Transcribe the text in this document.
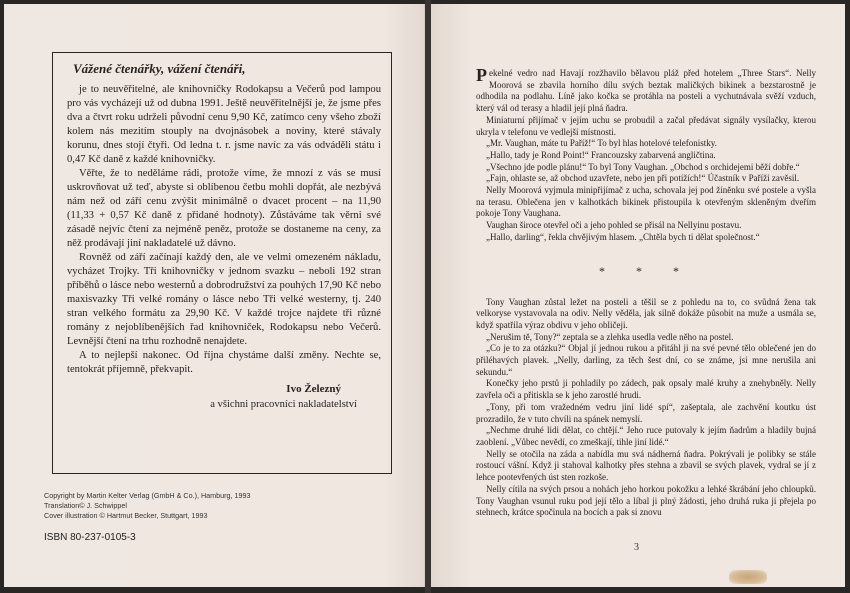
Vážené čtenářky, vážení čtenáři,

je to neuvěřitelné, ale knihovničky Rodokapsu a Večerů pod lampou pro vás vycházejí už od dubna 1991. Ještě neuvěřitelnější je, že jsme přes dva a čtvrt roku udrželi původní cenu 9,90 Kč, zatímco ceny všeho zboží kolem nás mezitím stouply na dvojnásobek a noviny, které stávaly korunu, dnes stojí čtyři. Od ledna t. r. jsme navíc za vás odváděli státu i 0,47 Kč daně z každé knihovničky.

Věřte, že to neděláme rádi, protože víme, že mnozí z vás se musí uskrovňovat už teď, abyste si oblíbenou četbu mohli dopřát, ale nezbývá nám než od září cenu zvýšit minimálně o dvacet procent – na 11,90 (11,33 + 0,57 Kč daně z přidané hodnoty). Zůstáváme tak věrni své zásadě nejvíc čtení za nejméně peněz, protože se dostaneme na ceny, za něž prodávají jiní nakladatelé už dávno.

Rovněž od září začínají každý den, ale ve velmi omezeném nákladu, vycházet Trojky. Tři knihovničky v jednom svazku – neboli 192 stran příběhů o lásce nebo westernů a dobrodružství za pouhých 17,90 Kč nebo maxisvazky Tři velké romány o lásce nebo Tři velké westerny, tj. 240 stran velkého formátu za 29,90 Kč. V každé trojce najdete tři různé romány z nejoblíbenějších řad knihovniček, Rodokapsu nebo Večerů. Levnější čtení na trhu rozhodně nenajdete.

A to nejlepší nakonec. Od října chystáme další změny. Nechte se, tentokrát příjemně, překvapit.

Ivo Železný
a všichni pracovníci nakladatelství
Copyright by Martin Kelter Verlag (GmbH & Co.), Hamburg, 1993
Translation© J. Schwippel
Cover illustration © Hartmut Becker, Stuttgart, 1993
ISBN 80-237-0105-3

Pekelné vedro nad Havají rozžhavilo bělavou pláž před hotelem „Three Stars“. Nelly Moorová se zbavila horního dílu svých beztak maličkých bikinek a bezstarostně je odhodila na podlahu. Líně jako kočka se protáhla na posteli a vychutnávala svěží vzduch, který vál od terasy a hladil její plná ňadra.

Miniaturní přijímač v jejím uchu se probudil a začal předávat signály vysílačky, kterou ukryla v telefonu ve vedlejší místnosti.

„Mr. Vaughan, máte tu Paříž!“ To byl hlas hotelové telefonistky.

„Hallo, tady je Rond Point!“ Francouzsky zabarvená angličtina.

„Všechno jde podle plánu!“ To byl Tony Vaughan. „Obchod s orchidejemi běží dobře.“

„Fajn, ohlaste se, až obchod uzavřete, nebo jen při potížích!“ Účastník v Paříži zavěsil.

Nelly Moorová vyjmula minipřijímač z ucha, schovala jej pod žíněnku své postele a vyšla na terasu. Oblečena jen v kalhotkách bikinek přistoupila k otevřeným skleněným dveřím pokoje Tony Vaughana.

Vaughan široce otevřel oči a jeho pohled se přisál na Nellyinu postavu.

„Hallo, darling“, řekla chvějivým hlasem. „Chtěla bych ti dělat společnost.“

* * *

Tony Vaughan zůstal ležet na posteli a těšil se z pohledu na to, co svůdná žena tak velkoryse vystavovala na odiv. Nelly věděla, jak silně dokáže působit na muže a usmála se, když spatřila výraz obdivu v jeho obličeji.

„Nerušim tě, Tony?“ zeptala se a zlehka usedla vedle něho na postel.

„Co je to za otázku?“ Objal jí jednou rukou a přitáhl ji na své pevné tělo oblečené jen do přiléhavých plavek. „Nelly, darling, za těch šest dní, co se známe, jsi mne nerušila ani sekundu.“

Konečky jeho prstů ji pohladily po zádech, pak opsaly malé kruhy a znehybněly. Nelly zavřela oči a přitiskla se k jeho zarostlé hrudi.

„Tony, při tom vražedném vedru jiní lidé spí“, zašeptala, ale zachvění koutku úst prozradilo, že v tuto chvíli na spánek nemyslí.

„Nechme druhé lidi dělat, co chtějí.“ Jeho ruce putovaly k jejím ňadrům a hladily bujná zaoblení. „Vůbec nevědí, co zmeškají, tihle jiní lidé.“

Nelly se otočila na záda a nabídla mu svá nádherná ňadra. Pokrývali je polibky se stále rostoucí vášní. Když ji stahoval kalhotky přes stehna a zbavil se svých plavek, vydral se jí z lehce pootevřených úst sten rozkoše.

Nelly cítila na svých prsou a nohách jeho horkou pokožku a lehké škrábání jeho chloupků. Tony Vaughan vsunul ruku pod její tělo a líbal ji plný žádosti, jeho druhá ruka ji přejela po stehnech, krátce spočinula na bocích a pak si znovu

3
